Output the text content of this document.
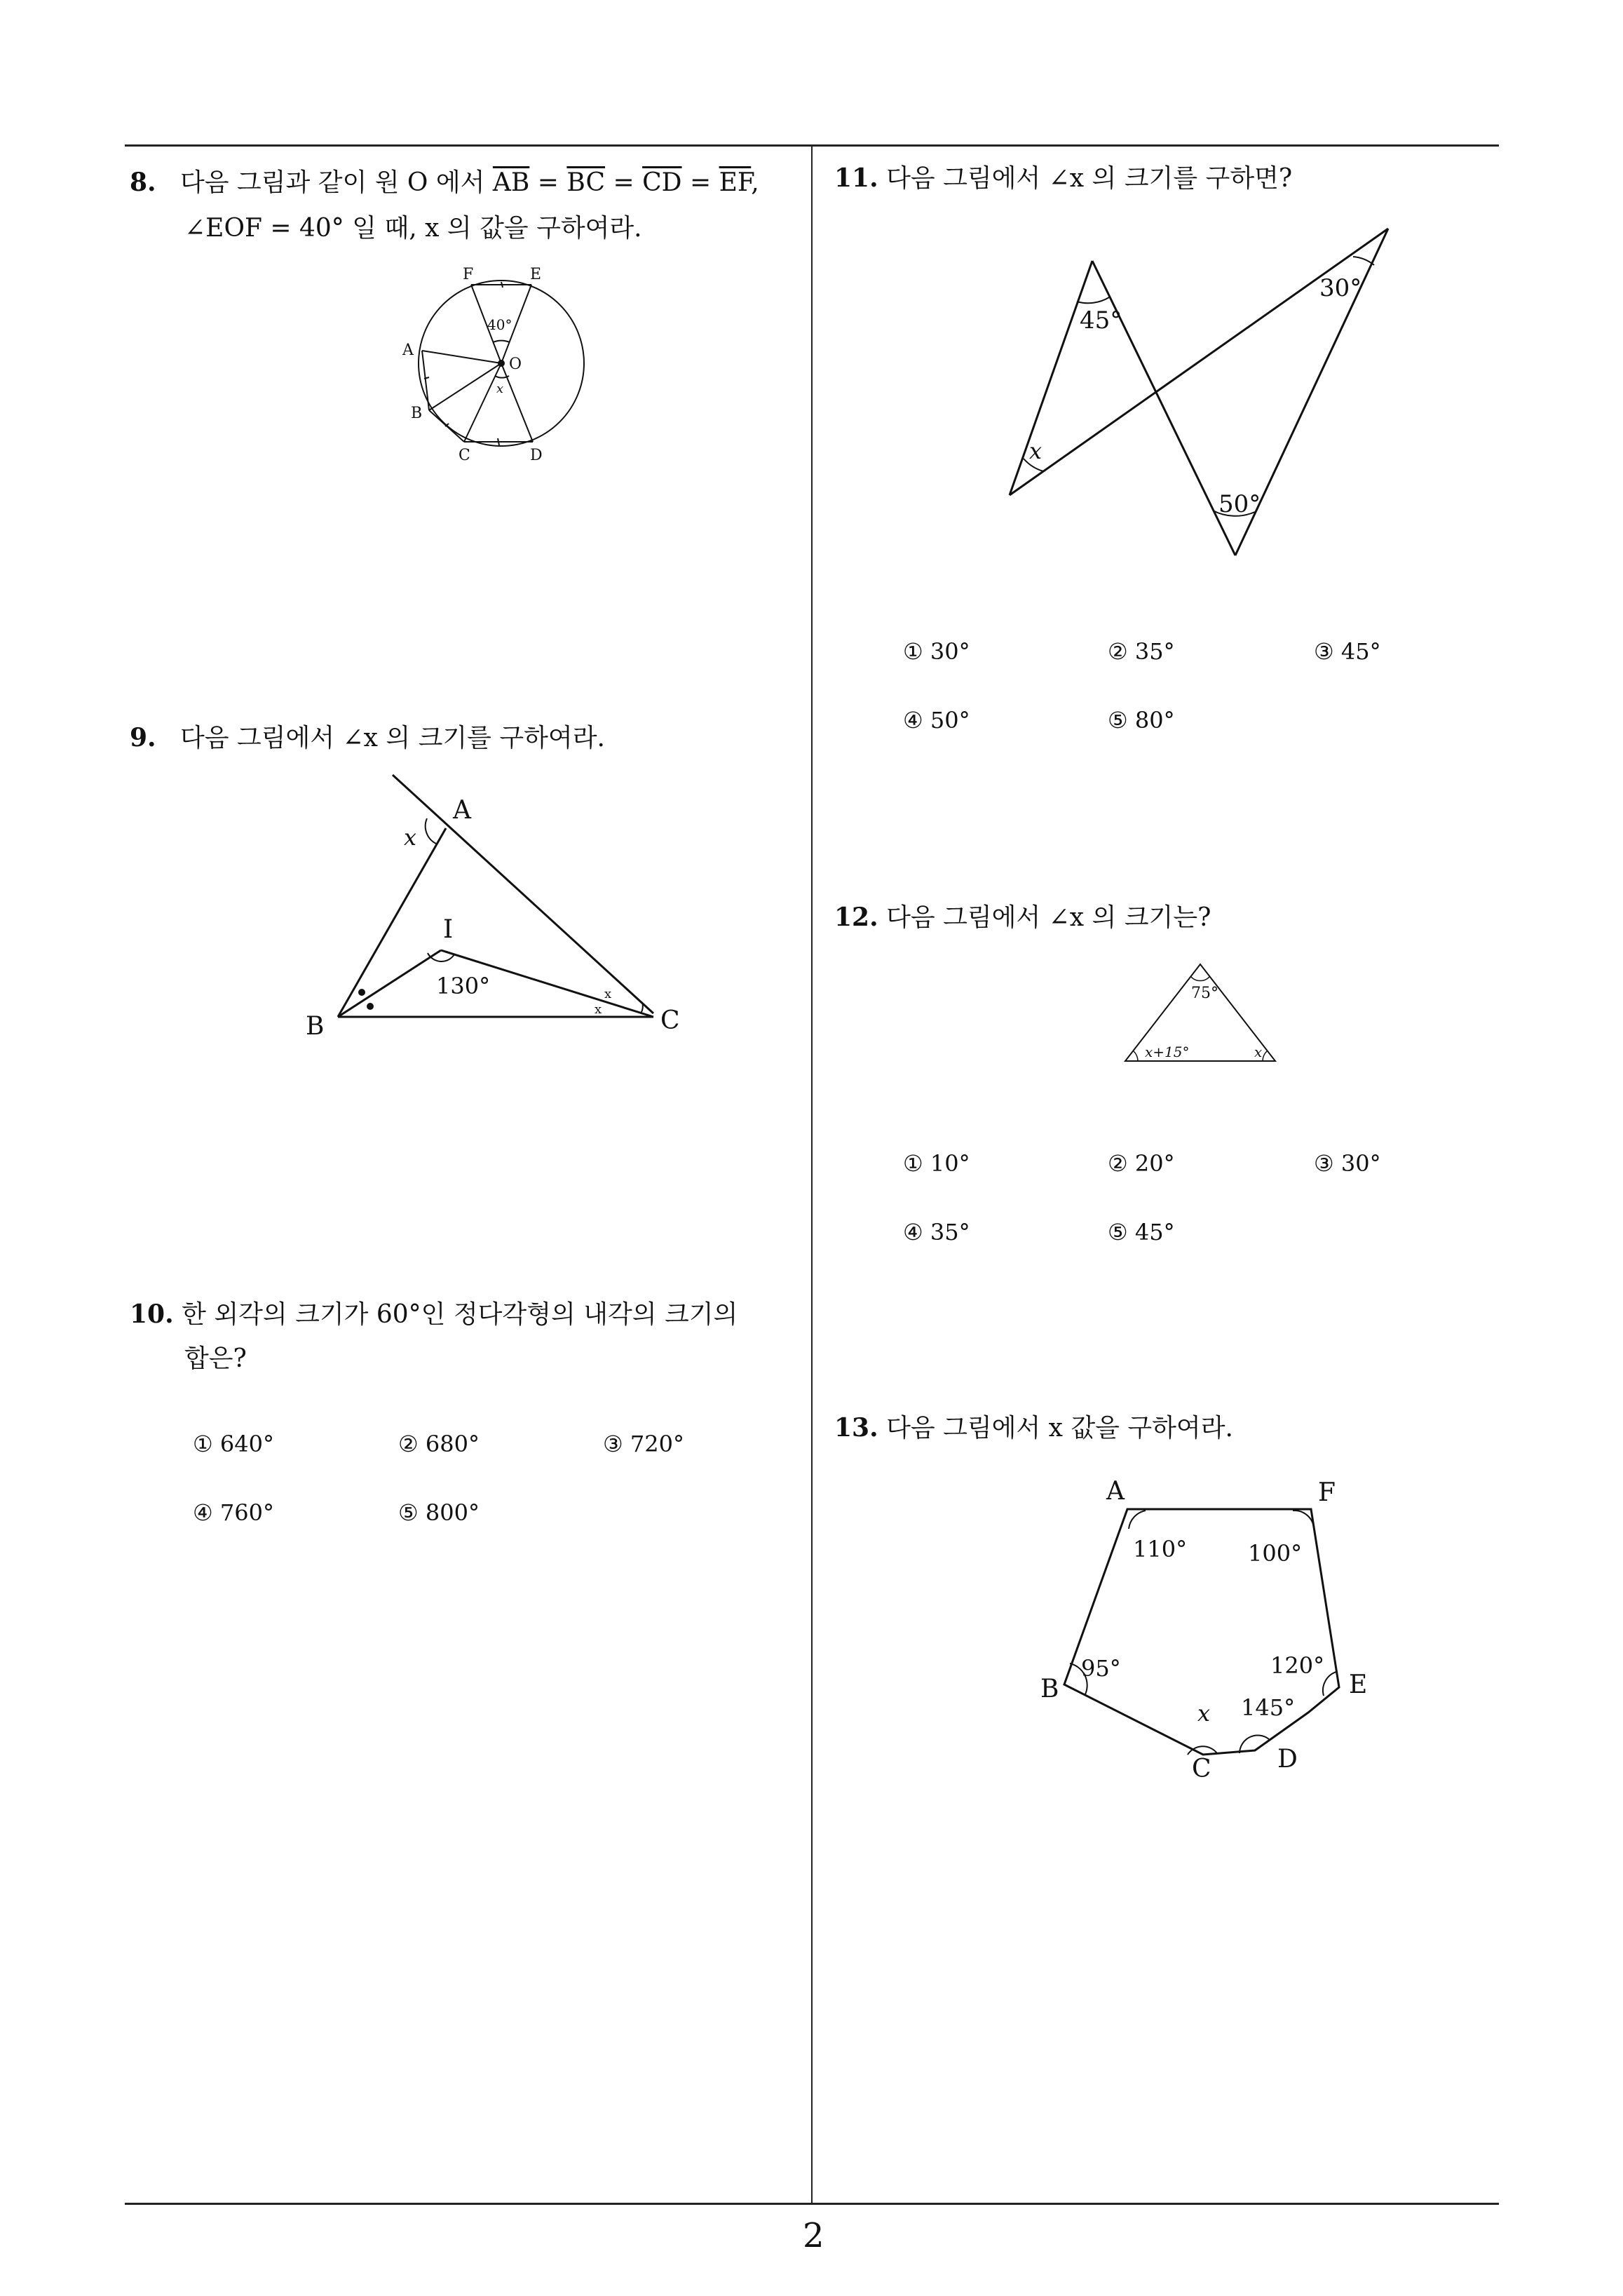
2
8. 다음 그림과 같이 원 O 에서 $\overline{AB} = \overline{BC} = \overline{CD} = \overline{EF}$,
∠EOF = 40° 일 때, x 의 값을 구하여라.
F	E
40°
A
O
x
B
C	D
9. 다음 그림에서 ∠x 의 크기를 구하여라.
A
x
I
130°	x
x
B	C
10. 한 외각의 크기가 60°인 정다각형의 내각의 크기의
합은?
① 640°	② 680°	③ 720°
④ 760°	⑤ 800°
11. 다음 그림에서 ∠x 의 크기를 구하면?
45°
30°
50°
x
① 30°	② 35°	③ 45°
④ 50°	⑤ 80°
12. 다음 그림에서 ∠x 의 크기는?
75°
x+15°	x
① 10°	② 20°	③ 30°
④ 35°	⑤ 45°
13. 다음 그림에서 x 값을 구하여라.
A	F
110°	100°
B
95°	120°
E
x 145°
C	D
